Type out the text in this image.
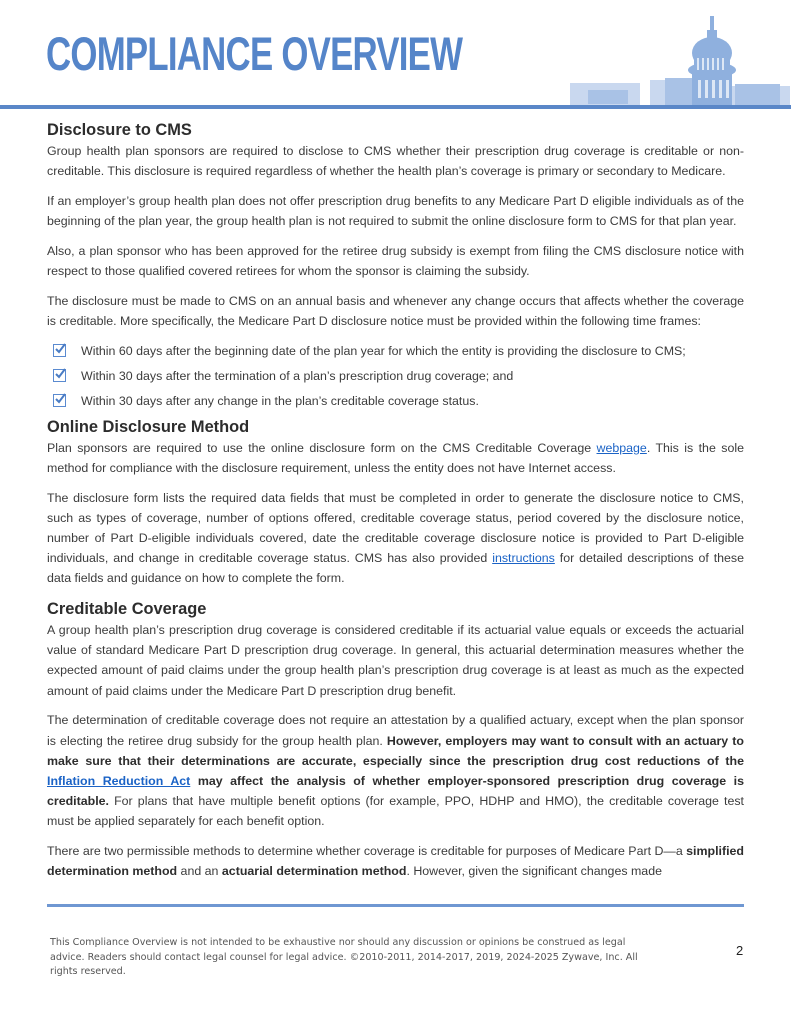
COMPLIANCE OVERVIEW
Disclosure to CMS

Group health plan sponsors are required to disclose to CMS whether their prescription drug coverage is creditable or non-creditable. This disclosure is required regardless of whether the health plan’s coverage is primary or secondary to Medicare.

If an employer’s group health plan does not offer prescription drug benefits to any Medicare Part D eligible individuals as of the beginning of the plan year, the group health plan is not required to submit the online disclosure form to CMS for that plan year.

Also, a plan sponsor who has been approved for the retiree drug subsidy is exempt from filing the CMS disclosure notice with respect to those qualified covered retirees for whom the sponsor is claiming the subsidy.

The disclosure must be made to CMS on an annual basis and whenever any change occurs that affects whether the coverage is creditable. More specifically, the Medicare Part D disclosure notice must be provided within the following time frames:

Within 60 days after the beginning date of the plan year for which the entity is providing the disclosure to CMS;
Within 30 days after the termination of a plan’s prescription drug coverage; and
Within 30 days after any change in the plan’s creditable coverage status.
Online Disclosure Method

Plan sponsors are required to use the online disclosure form on the CMS Creditable Coverage webpage. This is the sole method for compliance with the disclosure requirement, unless the entity does not have Internet access.

The disclosure form lists the required data fields that must be completed in order to generate the disclosure notice to CMS, such as types of coverage, number of options offered, creditable coverage status, period covered by the disclosure notice, number of Part D-eligible individuals covered, date the creditable coverage disclosure notice is provided to Part D-eligible individuals, and change in creditable coverage status. CMS has also provided instructions for detailed descriptions of these data fields and guidance on how to complete the form.

Creditable Coverage

A group health plan’s prescription drug coverage is considered creditable if its actuarial value equals or exceeds the actuarial value of standard Medicare Part D prescription drug coverage. In general, this actuarial determination measures whether the expected amount of paid claims under the group health plan’s prescription drug coverage is at least as much as the expected amount of paid claims under the Medicare Part D prescription drug benefit.

The determination of creditable coverage does not require an attestation by a qualified actuary, except when the plan sponsor is electing the retiree drug subsidy for the group health plan. However, employers may want to consult with an actuary to make sure that their determinations are accurate, especially since the prescription drug cost reductions of the Inflation Reduction Act may affect the analysis of whether employer-sponsored prescription drug coverage is creditable. For plans that have multiple benefit options (for example, PPO, HDHP and HMO), the creditable coverage test must be applied separately for each benefit option.

There are two permissible methods to determine whether coverage is creditable for purposes of Medicare Part D—a simplified determination method and an actuarial determination method. However, given the significant changes made

This Compliance Overview is not intended to be exhaustive nor should any discussion or opinions be construed as legal advice. Readers should contact legal counsel for legal advice. ©2010-2011, 2014-2017, 2019, 2024-2025 Zywave, Inc. All rights reserved.
2
